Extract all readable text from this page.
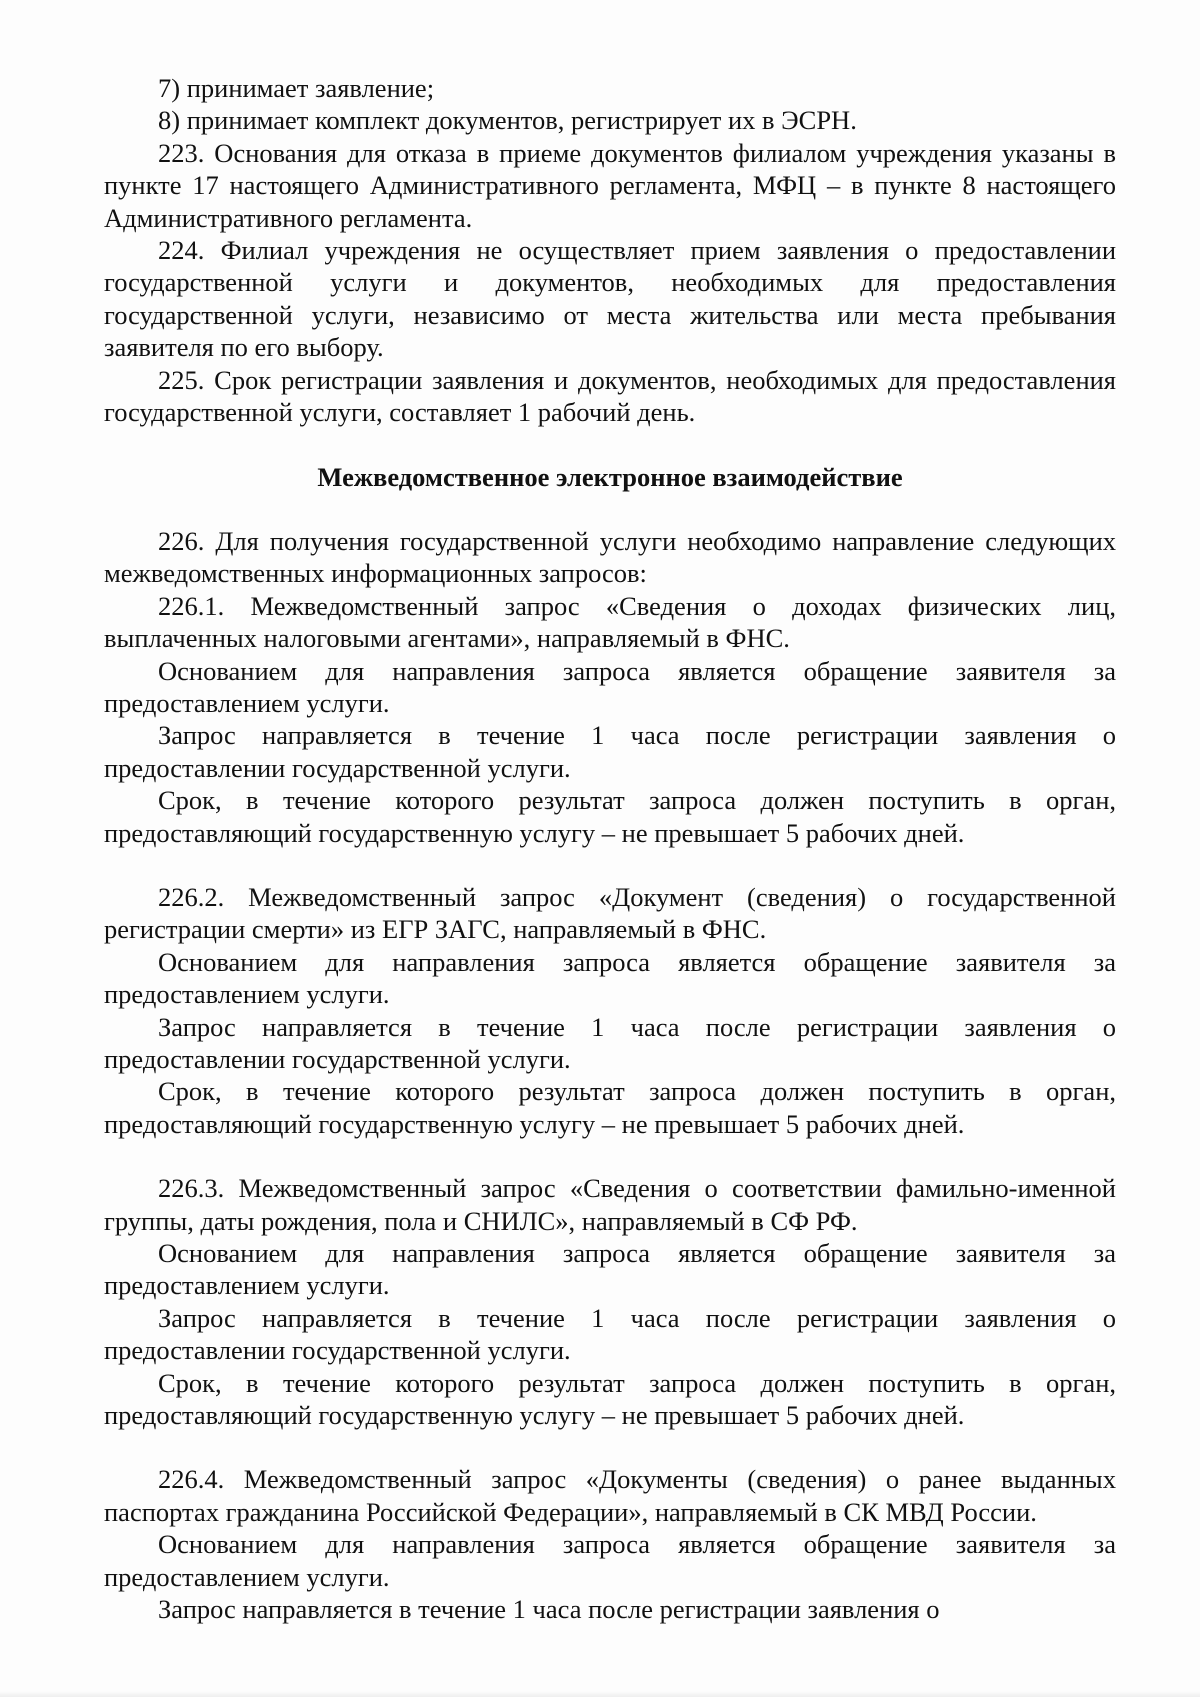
7) принимает заявление;

8) принимает комплект документов, регистрирует их в ЭСРН.

223. Основания для отказа в приеме документов филиалом учреждения указаны в пункте 17 настоящего Административного регламента, МФЦ – в пункте 8 настоящего Административного регламента.

224. Филиал учреждения не осуществляет прием заявления о предоставлении государственной услуги и документов, необходимых для предоставления государственной услуги, независимо от места жительства или места пребывания заявителя по его выбору.

225. Срок регистрации заявления и документов, необходимых для предоставления государственной услуги, составляет 1 рабочий день.

Межведомственное электронное взаимодействие

226. Для получения государственной услуги необходимо направление следующих межведомственных информационных запросов:

226.1. Межведомственный запрос «Сведения о доходах физических лиц, выплаченных налоговыми агентами», направляемый в ФНС.

Основанием для направления запроса является обращение заявителя за предоставлением услуги.

Запрос направляется в течение 1 часа после регистрации заявления о предоставлении государственной услуги.

Срок, в течение которого результат запроса должен поступить в орган, предоставляющий государственную услугу – не превышает 5 рабочих дней.

226.2. Межведомственный запрос «Документ (сведения) о государственной регистрации смерти» из ЕГР ЗАГС, направляемый в ФНС.

Основанием для направления запроса является обращение заявителя за предоставлением услуги.

Запрос направляется в течение 1 часа после регистрации заявления о предоставлении государственной услуги.

Срок, в течение которого результат запроса должен поступить в орган, предоставляющий государственную услугу – не превышает 5 рабочих дней.

226.3. Межведомственный запрос «Сведения о соответствии фамильно-именной группы, даты рождения, пола и СНИЛС», направляемый в СФ РФ.

Основанием для направления запроса является обращение заявителя за предоставлением услуги.

Запрос направляется в течение 1 часа после регистрации заявления о предоставлении государственной услуги.

Срок, в течение которого результат запроса должен поступить в орган, предоставляющий государственную услугу – не превышает 5 рабочих дней.

226.4. Межведомственный запрос «Документы (сведения) о ранее выданных паспортах гражданина Российской Федерации», направляемый в СК МВД России.

Основанием для направления запроса является обращение заявителя за предоставлением услуги.

Запрос направляется в течение 1 часа после регистрации заявления о
